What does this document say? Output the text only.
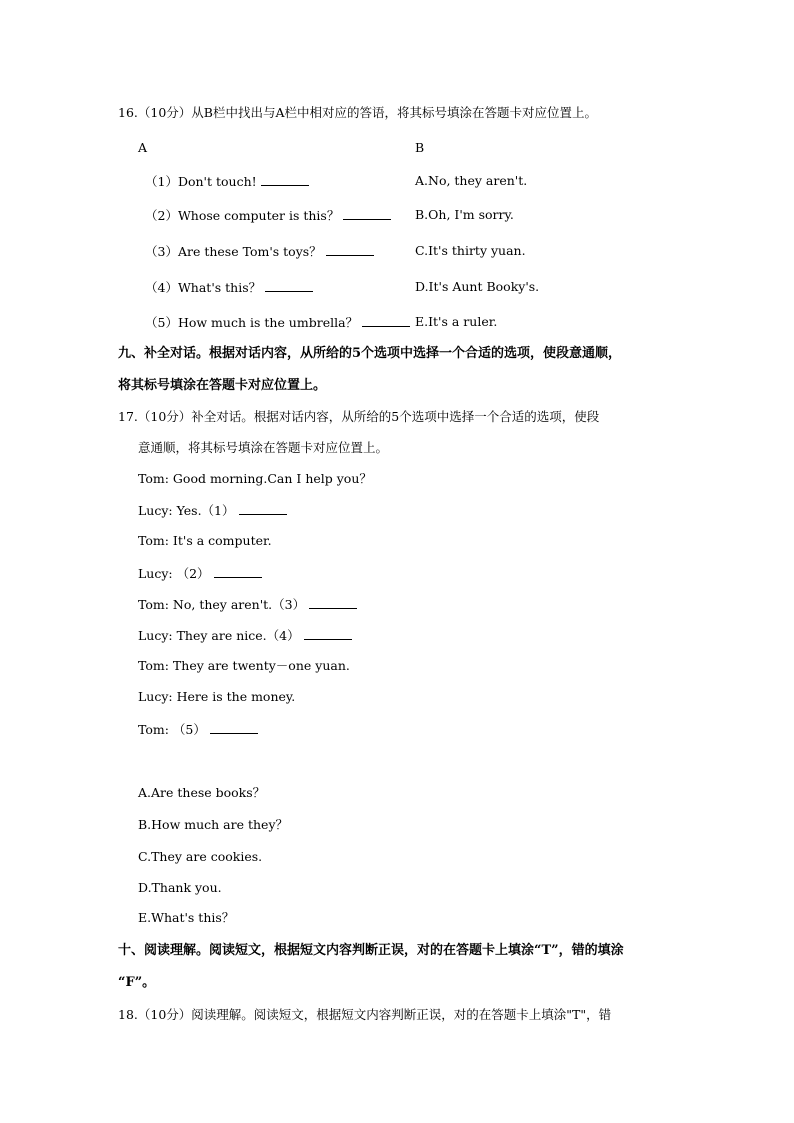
16.（10分）从B栏中找出与A栏中相对应的答语，将其标号填涂在答题卡对应位置上。
A	B
（1）Don't touch!
（2）Whose computer is this？
（3）Are these Tom's toys？
（4）What's this？
（5）How much is the umbrella？
A.No, they aren't.
B.Oh, I'm sorry.
C.It's thirty yuan.
D.It's Aunt Booky's.
E.It's a ruler.
九、补全对话。根据对话内容，从所给的5个选项中选择一个合适的选项，使段意通顺，
将其标号填涂在答题卡对应位置上。
17.（10分）补全对话。根据对话内容，从所给的5个选项中选择一个合适的选项，使段
意通顺，将其标号填涂在答题卡对应位置上。
Tom: Good morning.Can I help you？
Lucy: Yes.（1）
Tom: It's a computer.
Lucy: （2）
Tom: No, they aren't.（3）
Lucy: They are nice.（4）
Tom: They are twenty－one yuan.
Lucy: Here is the money.
Tom: （5）
A.Are these books？
B.How much are they？
C.They are cookies.
D.Thank you.
E.What's this？
十、阅读理解。阅读短文，根据短文内容判断正误，对的在答题卡上填涂“T”，错的填涂
“F”。
18.（10分）阅读理解。阅读短文，根据短文内容判断正误，对的在答题卡上填涂"T"，错
